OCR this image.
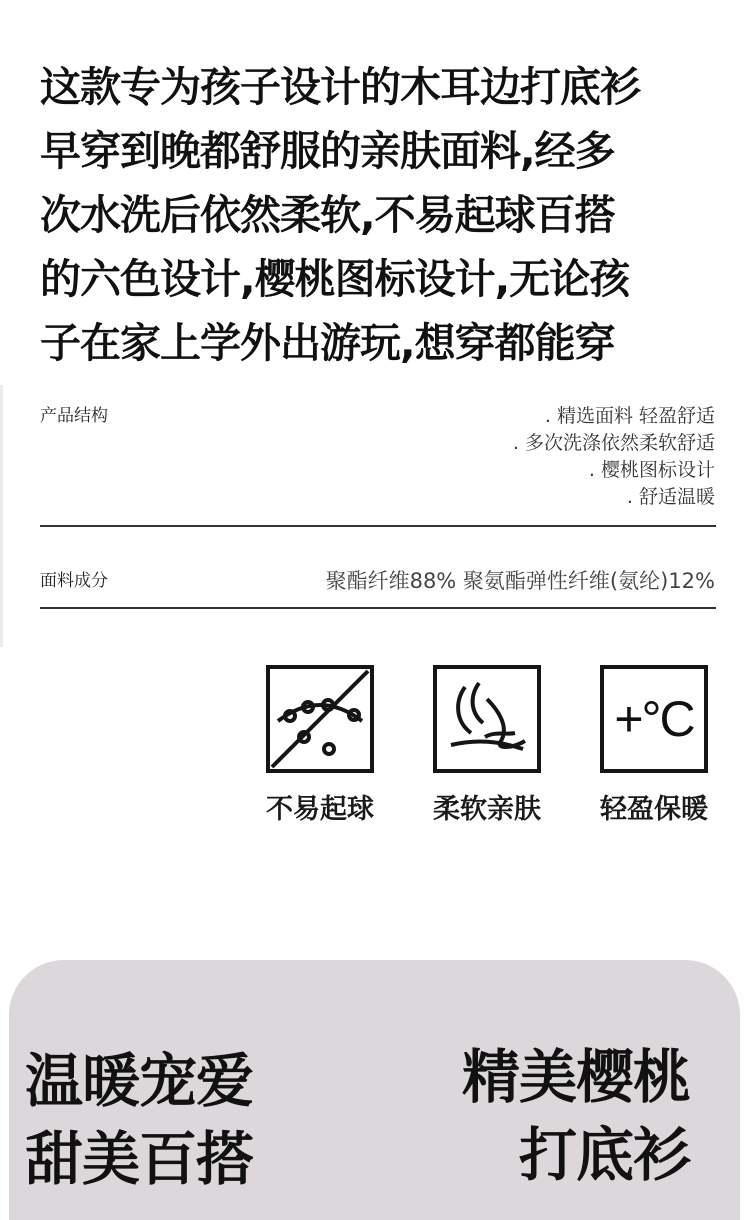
这款专为孩子设计的木耳边打底衫
早穿到晚都舒服的亲肤面料,经多
次水洗后依然柔软,不易起球百搭
的六色设计,樱桃图标设计,无论孩
子在家上学外出游玩,想穿都能穿
产品结构	. 精选面料 轻盈舒适
. 多次洗涤依然柔软舒适
. 樱桃图标设计
. 舒适温暖
面料成分	聚酯纤维88% 聚氨酯弹性纤维(氨纶)12%
不易起球	柔软亲肤
+°C
轻盈保暖
温暖宠爱
甜美百搭
精美樱桃
打底衫
